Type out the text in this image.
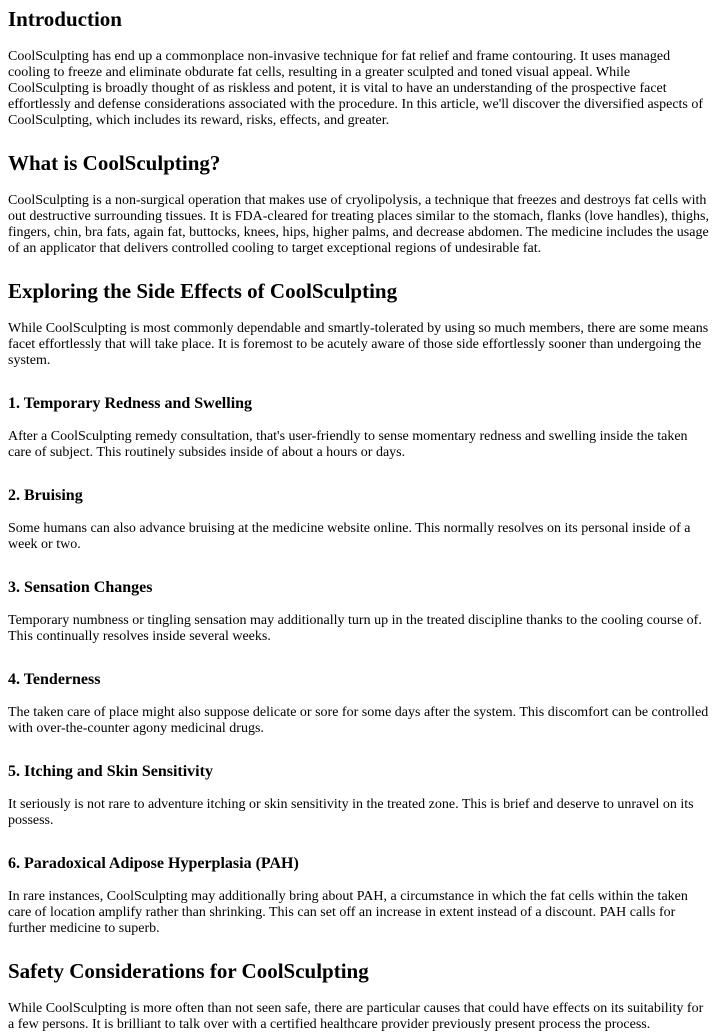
Introduction

CoolSculpting has end up a commonplace non-invasive technique for fat relief and frame contouring. It uses managed cooling to freeze and eliminate obdurate fat cells, resulting in a greater sculpted and toned visual appeal. While CoolSculpting is broadly thought of as riskless and potent, it is vital to have an understanding of the prospective facet effortlessly and defense considerations associated with the procedure. In this article, we'll discover the diversified aspects of CoolSculpting, which includes its reward, risks, effects, and greater.

What is CoolSculpting?

CoolSculpting is a non-surgical operation that makes use of cryolipolysis, a technique that freezes and destroys fat cells with out destructive surrounding tissues. It is FDA-cleared for treating places similar to the stomach, flanks (love handles), thighs, fingers, chin, bra fats, again fat, buttocks, knees, hips, higher palms, and decrease abdomen. The medicine includes the usage of an applicator that delivers controlled cooling to target exceptional regions of undesirable fat.

Exploring the Side Effects of CoolSculpting

While CoolSculpting is most commonly dependable and smartly-tolerated by using so much members, there are some means facet effortlessly that will take place. It is foremost to be acutely aware of those side effortlessly sooner than undergoing the system.

1. Temporary Redness and Swelling

After a CoolSculpting remedy consultation, that's user-friendly to sense momentary redness and swelling inside the taken care of subject. This routinely subsides inside of about a hours or days.

2. Bruising

Some humans can also advance bruising at the medicine website online. This normally resolves on its personal inside of a week or two.

3. Sensation Changes

Temporary numbness or tingling sensation may additionally turn up in the treated discipline thanks to the cooling course of. This continually resolves inside several weeks.

4. Tenderness

The taken care of place might also suppose delicate or sore for some days after the system. This discomfort can be controlled with over-the-counter agony medicinal drugs.

5. Itching and Skin Sensitivity

It seriously is not rare to adventure itching or skin sensitivity in the treated zone. This is brief and deserve to unravel on its possess.

6. Paradoxical Adipose Hyperplasia (PAH)

In rare instances, CoolSculpting may additionally bring about PAH, a circumstance in which the fat cells within the taken care of location amplify rather than shrinking. This can set off an increase in extent instead of a discount. PAH calls for further medicine to superb.

Safety Considerations for CoolSculpting

While CoolSculpting is more often than not seen safe, there are particular causes that could have effects on its suitability for a few persons. It is brilliant to talk over with a certified healthcare provider previously present process the process.
